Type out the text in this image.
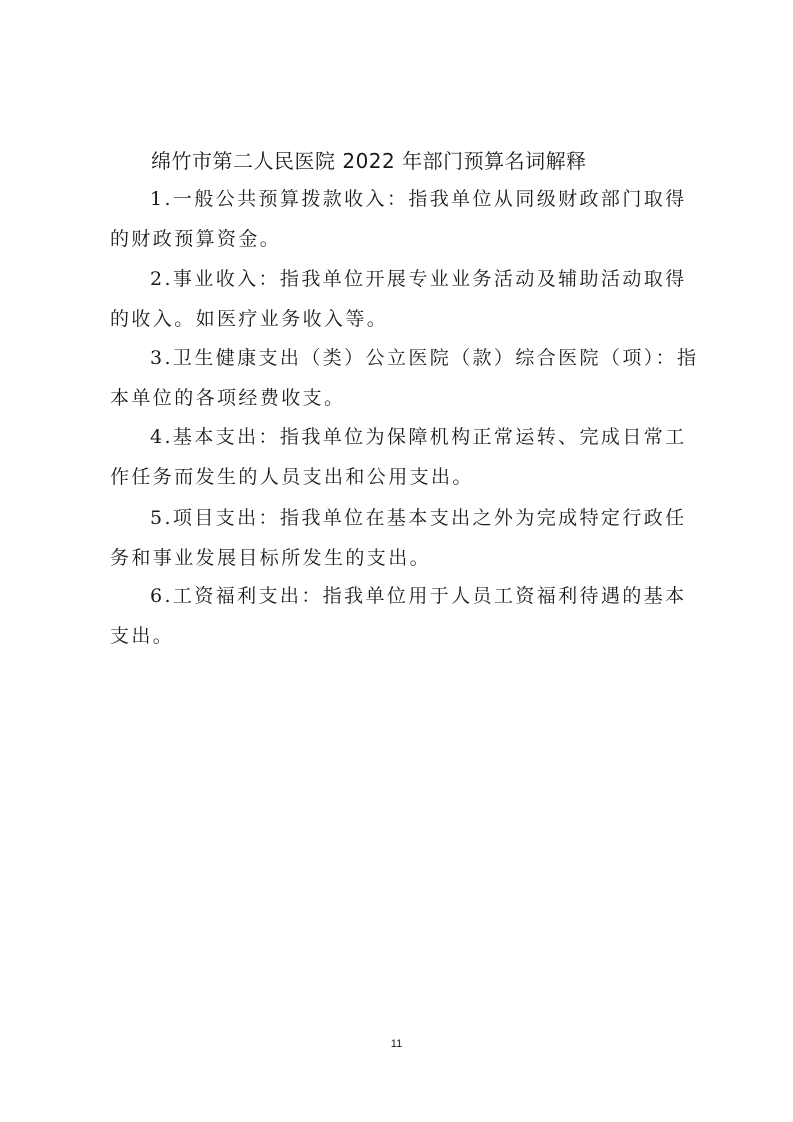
绵竹市第二人民医院 2022 年部门预算名词解释

1.一般公共预算拨款收入：指我单位从同级财政部门取得的财政预算资金。

2.事业收入：指我单位开展专业业务活动及辅助活动取得的收入。如医疗业务收入等。

3.卫生健康支出（类）公立医院（款）综合医院（项）：指本单位的各项经费收支。

4.基本支出：指我单位为保障机构正常运转、完成日常工作任务而发生的人员支出和公用支出。

5.项目支出：指我单位在基本支出之外为完成特定行政任务和事业发展目标所发生的支出。

6.工资福利支出：指我单位用于人员工资福利待遇的基本支出。

11
